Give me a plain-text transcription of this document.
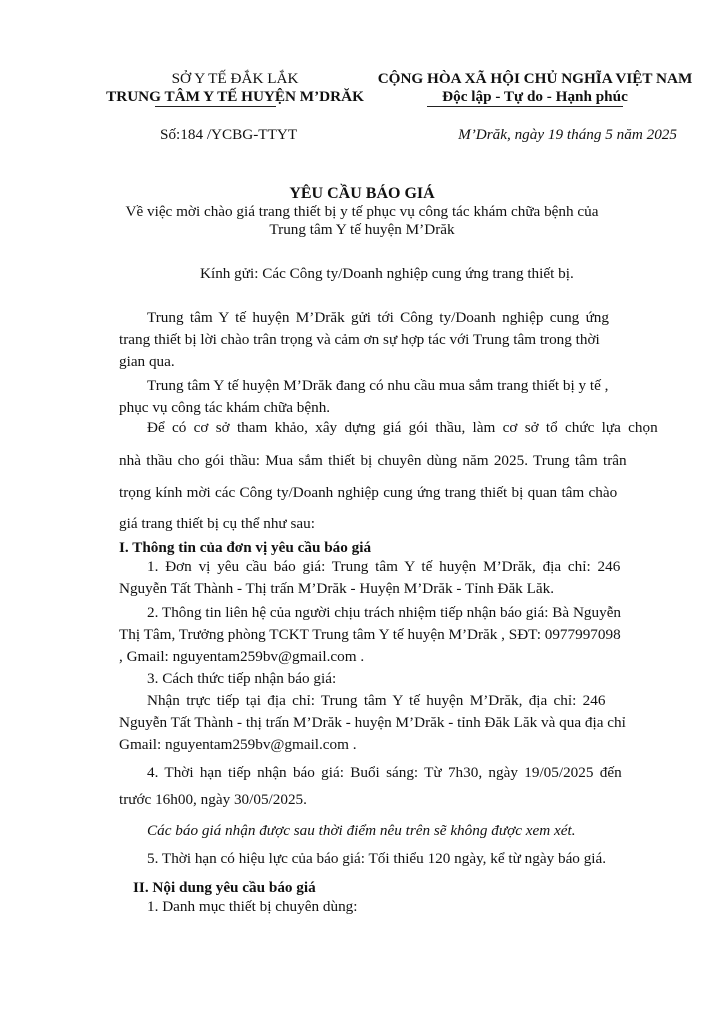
SỞ Y TẾ ĐẮK LẮK
TRUNG TÂM Y TẾ HUYỆN M’DRĂK
CỘNG HÒA XÃ HỘI CHỦ NGHĨA VIỆT NAM
Độc lập - Tự do - Hạnh phúc
Số:184 /YCBG-TTYT	M’Drăk, ngày 19 tháng 5 năm 2025
YÊU CẦU BÁO GIÁ
Về việc mời chào giá trang thiết bị y tế phục vụ công tác khám chữa bệnh của
Trung tâm Y tế huyện M’Drăk
Kính gửi: Các Công ty/Doanh nghiệp cung ứng trang thiết bị.
Trung tâm Y tế huyện M’Drăk gửi tới Công ty/Doanh nghiệp cung ứng
trang thiết bị lời chào trân trọng và cảm ơn sự hợp tác với Trung tâm trong thời
gian qua.
Trung tâm Y tế huyện M’Drăk đang có nhu cầu mua sắm trang thiết bị y tế ,
phục vụ công tác khám chữa bệnh.
Để có cơ sở tham khảo, xây dựng giá gói thầu, làm cơ sở tổ chức lựa chọn
nhà thầu cho gói thầu: Mua sắm thiết bị chuyên dùng năm 2025. Trung tâm trân
trọng kính mời các Công ty/Doanh nghiệp cung ứng trang thiết bị quan tâm chào
giá trang thiết bị cụ thể như sau:
I. Thông tin của đơn vị yêu cầu báo giá
1. Đơn vị yêu cầu báo giá: Trung tâm Y tế huyện M’Drăk, địa chỉ: 246
Nguyễn Tất Thành - Thị trấn M’Drăk - Huyện M’Drăk - Tỉnh Đăk Lăk.
2. Thông tin liên hệ của người chịu trách nhiệm tiếp nhận báo giá: Bà Nguyễn
Thị Tâm, Trưởng phòng TCKT Trung tâm Y tế huyện M’Drăk , SĐT: 0977997098
, Gmail: nguyentam259bv@gmail.com .
3. Cách thức tiếp nhận báo giá:
Nhận trực tiếp tại địa chỉ: Trung tâm Y tế huyện M’Drăk, địa chỉ: 246
Nguyễn Tất Thành - thị trấn M’Drăk - huyện M’Drăk - tỉnh Đăk Lăk và qua địa chỉ
Gmail: nguyentam259bv@gmail.com .
4. Thời hạn tiếp nhận báo giá: Buổi sáng: Từ 7h30, ngày 19/05/2025 đến
trước 16h00, ngày 30/05/2025.
Các báo giá nhận được sau thời điểm nêu trên sẽ không được xem xét.
5. Thời hạn có hiệu lực của báo giá: Tối thiểu 120 ngày, kể từ ngày báo giá.
II. Nội dung yêu cầu báo giá
1. Danh mục thiết bị chuyên dùng:
